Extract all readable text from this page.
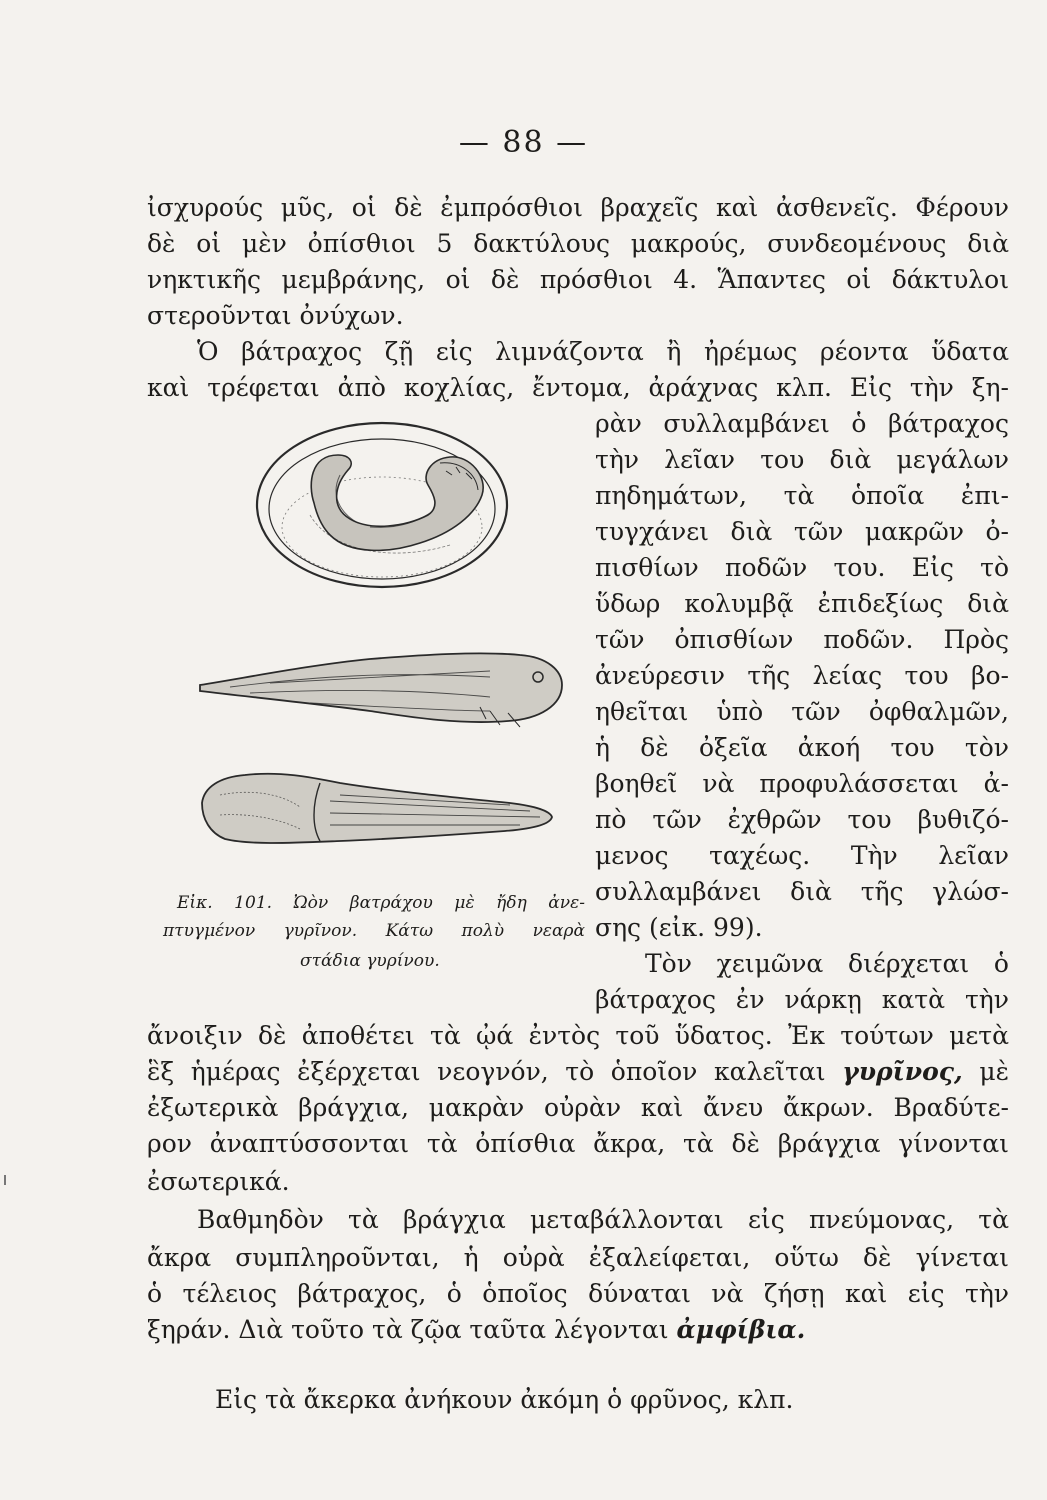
— 88 —
ἰσχυρούς μῦς, οἱ δὲ ἐμπρόσθιοι βραχεῖς καὶ ἀσθενεῖς. Φέρουν
δὲ οἱ μὲν ὀπίσθιοι 5 δακτύλους μακρούς, συνδεομένους διὰ
νηκτικῆς μεμβράνης, οἱ δὲ πρόσθιοι 4. Ἅπαντες οἱ δάκτυλοι
στεροῦνται ὀνύχων.
Ὁ βάτραχος ζῇ εἰς λιμνάζοντα ἢ ἠρέμως ρέοντα ὕδατα
καὶ τρέφεται ἀπὸ κοχλίας, ἔντομα, ἀράχνας κλπ. Εἰς τὴν ξη-
Εἰκ. 101. Ὠὸν βατράχου μὲ ἤδη ἀνε-
πτυγμένον γυρῖνον. Κάτω πολὺ νεαρὰ
στάδια γυρίνου.
ρὰν συλλαμβάνει ὁ βάτραχος
τὴν λεῖαν του διὰ μεγάλων
πηδημάτων, τὰ ὁποῖα ἐπι-
τυγχάνει διὰ τῶν μακρῶν ὀ-
πισθίων ποδῶν του. Εἰς τὸ
ὕδωρ κολυμβᾷ ἐπιδεξίως διὰ
τῶν ὀπισθίων ποδῶν. Πρὸς
ἀνεύρεσιν τῆς λείας του βο-
ηθεῖται ὑπὸ τῶν ὀφθαλμῶν,
ἡ δὲ ὀξεῖα ἀκοή του τὸν
βοηθεῖ νὰ προφυλάσσεται ἀ-
πὸ τῶν ἐχθρῶν του βυθιζό-
μενος ταχέως. Τὴν λεῖαν
συλλαμβάνει διὰ τῆς γλώσ-
σης (εἰκ. 99).
Τὸν χειμῶνα διέρχεται ὁ
βάτραχος ἐν νάρκῃ κατὰ τὴν
ἄνοιξιν δὲ ἀποθέτει τὰ ᾠά ἐντὸς τοῦ ὕδατος. Ἐκ τούτων μετὰ
ἓξ ἡμέρας ἐξέρχεται νεογνόν, τὸ ὁποῖον καλεῖται γυρῖνος, μὲ
ἐξωτερικὰ βράγχια, μακρὰν οὐρὰν καὶ ἄνευ ἄκρων. Βραδύτε-
ρον ἀναπτύσσονται τὰ ὀπίσθια ἄκρα, τὰ δὲ βράγχια γίνονται
ἐσωτερικά.
Βαθμηδὸν τὰ βράγχια μεταβάλλονται εἰς πνεύμονας, τὰ
ἄκρα συμπληροῦνται, ἡ οὐρὰ ἐξαλείφεται, οὕτω δὲ γίνεται
ὁ τέλειος βάτραχος, ὁ ὁποῖος δύναται νὰ ζήσῃ καὶ εἰς τὴν
ξηράν. Διὰ τοῦτο τὰ ζῷα ταῦτα λέγονται ἀμφίβια.
Εἰς τὰ ἄκερκα ἀνήκουν ἀκόμη ὁ φρῦνος, κλπ.
